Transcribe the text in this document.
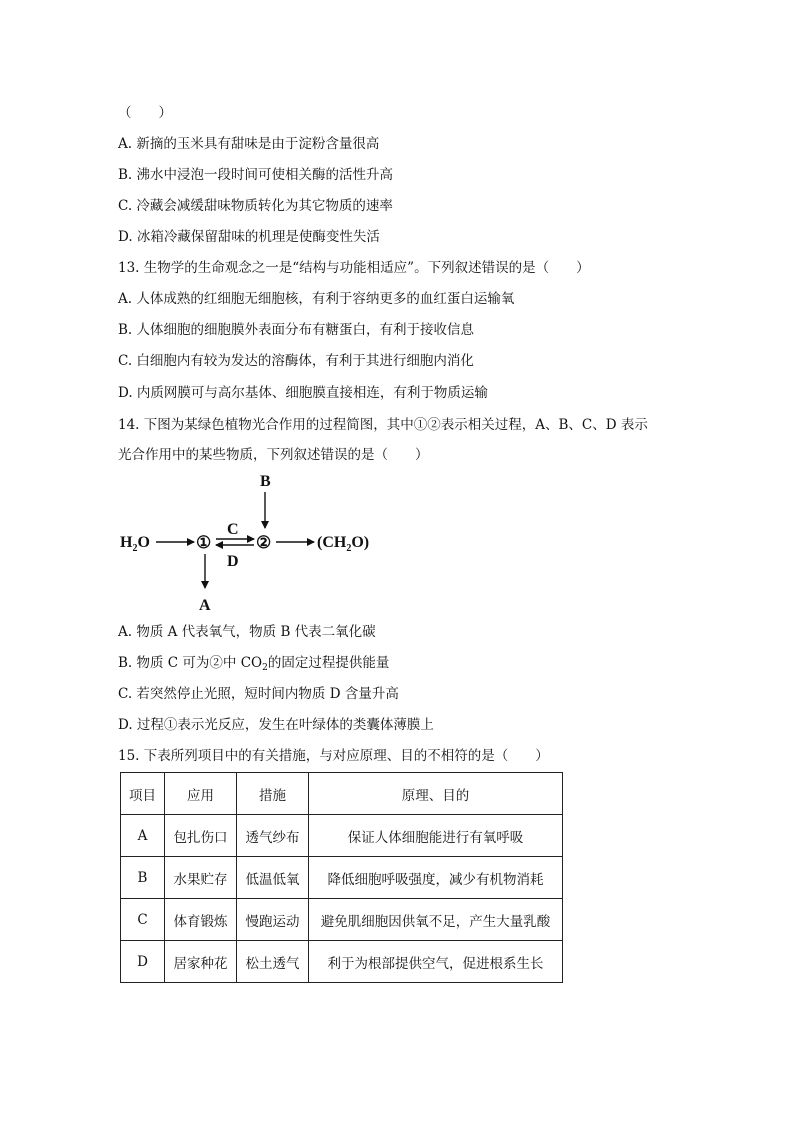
（　　）
A. 新摘的玉米具有甜味是由于淀粉含量很高
B. 沸水中浸泡一段时间可使相关酶的活性升高
C. 冷藏会减缓甜味物质转化为其它物质的速率
D. 冰箱冷藏保留甜味的机理是使酶变性失活
13. 生物学的生命观念之一是“结构与功能相适应”。下列叙述错误的是（　　）
A. 人体成熟的红细胞无细胞核，有利于容纳更多的血红蛋白运输氧
B. 人体细胞的细胞膜外表面分布有糖蛋白，有利于接收信息
C. 白细胞内有较为发达的溶酶体，有利于其进行细胞内消化
D. 内质网膜可与高尔基体、细胞膜直接相连，有利于物质运输
14. 下图为某绿色植物光合作用的过程简图，其中①②表示相关过程，A、B、C、D 表示
光合作用中的某些物质，下列叙述错误的是（　　）
$H_2O$	①
A
C
D
②
B
$(CH_2O)$
A. 物质 A 代表氧气，物质 B 代表二氧化碳
B. 物质 C 可为②中 $CO_2$的固定过程提供能量
C. 若突然停止光照，短时间内物质 D 含量升高
D. 过程①表示光反应，发生在叶绿体的类囊体薄膜上
15. 下表所列项目中的有关措施，与对应原理、目的不相符的是（　　）
项目	应用	措施	原理、目的
A	包扎伤口	透气纱布	保证人体细胞能进行有氧呼吸
B	水果贮存	低温低氧	降低细胞呼吸强度，减少有机物消耗
C	体育锻炼	慢跑运动	避免肌细胞因供氧不足，产生大量乳酸
D	居家种花	松土透气	利于为根部提供空气，促进根系生长
